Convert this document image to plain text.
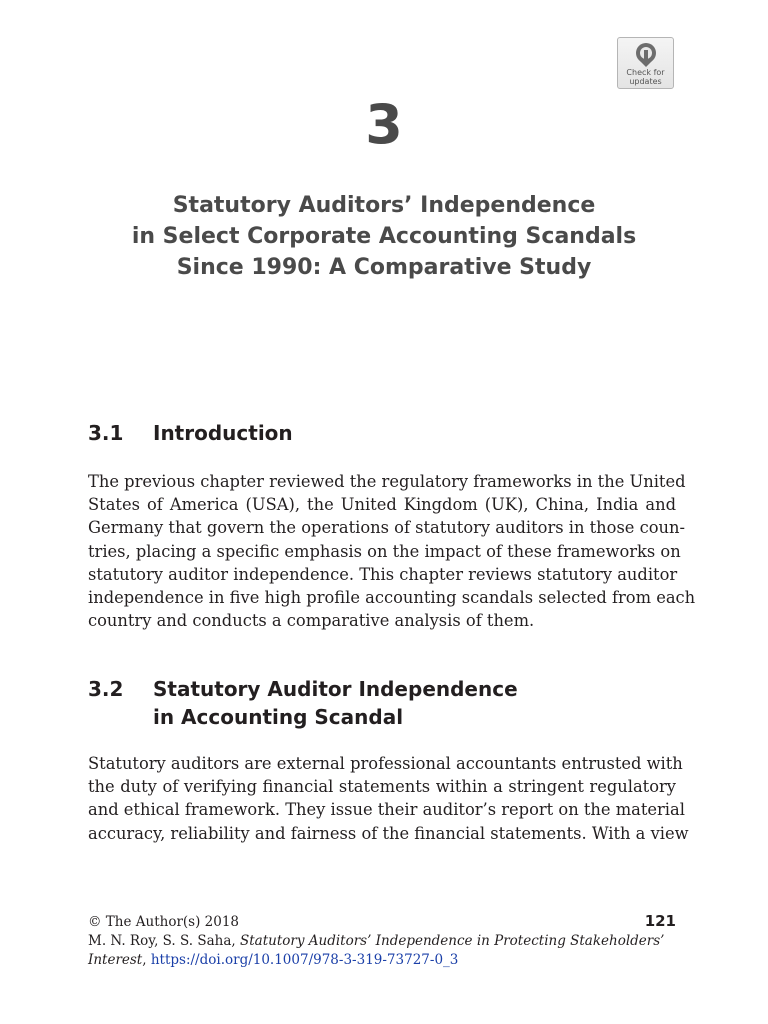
Check for
updates
3
Statutory Auditors’ Independence
in Select Corporate Accounting Scandals
Since 1990: A Comparative Study
3.1	Introduction
The previous chapter reviewed the regulatory frameworks in the United
States of America (USA), the United Kingdom (UK), China, India and
Germany that govern the operations of statutory auditors in those coun-
tries, placing a specific emphasis on the impact of these frameworks on
statutory auditor independence. This chapter reviews statutory auditor
independence in five high profile accounting scandals selected from each
country and conducts a comparative analysis of them.
3.2	Statutory Auditor Independence
in Accounting Scandal
Statutory auditors are external professional accountants entrusted with
the duty of verifying financial statements within a stringent regulatory
and ethical framework. They issue their auditor’s report on the material
accuracy, reliability and fairness of the financial statements. With a view
© The Author(s) 2018
M. N. Roy, S. S. Saha, Statutory Auditors’ Independence in Protecting Stakeholders’
Interest, https://doi.org/10.1007/978-3-319-73727-0_3
121
